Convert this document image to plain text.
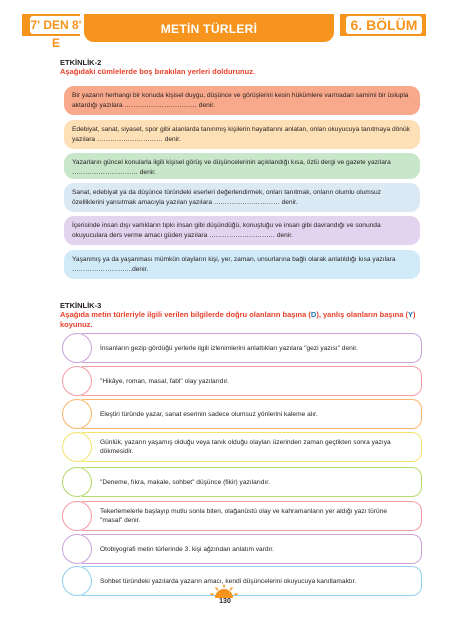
7' DEN 8' E
METİN TÜRLERİ	6. BÖLÜM
ETKİNLİK-2
Aşağıdaki cümlelerde boş bırakılan yerleri doldurunuz.
Bir yazarın herhangi bir konuda kişisel duygu, düşünce ve görüşlerini kesin hükümlere varmadan samimi bir üslupla aktardığı yazılara …………………………… denir.
Edebiyat, sanat, siyaset, spor gibi alanlarda tanınmış kişilerin hayatlarını anlatan, onlan okuyucuya tanıtmaya dönük yazılara ………………………… denir.
Yazarların güncel konularla ilgili kişisel görüş ve düşüncelerinin açıklandığı kısa, özlü dergi ve gazete yazılara ………………………… denir.
Sanat, edebiyat ya da düşünce türündeki eserleri değerlendirmek, onları tanıtmak, onların olumlu olumsuz özelliklerini yansıtmak amacıyla yazılan yazılara ………………………… denir.
İçerisinde insan dışı varlıkların tıpkı insan gibi düşündüğü, konuştuğu ve insan gibi davrandığı ve sonunda okuyuculara ders verme amacı güden yazılara ………………………… denir.
Yaşanmış ya da yaşanması mümkün olayların kişi, yer, zaman, unsurlarına bağlı olarak anlatıldığı kısa yazılara ……………………....denir.
ETKİNLİK-3
Aşağıda metin türleriyle ilgili verilen bilgilerde doğru olanların başına (D), yanlış olanların başına (Y) koyunuz.
İnsanların gezip gördüğü yerlerle ilgili izlenimlerini anlattıkları yazılara "gezi yazısı" denir.
"Hikâye, roman, masal, fabl" olay yazılarıdır.
Eleştiri türünde yazar, sanat eserinin sadece olumsuz yönlerini kaleme alır.
Günlük, yazarın yaşamış olduğu veya tanık olduğu olayları üzerinden zaman geçtikten sonra yazıya dökmesidir.
"Deneme, fıkra, makale, sohbet" düşünce (fikir) yazılarıdır.
Tekerlemelerle başlayıp mutlu sonla biten, olağanüstü olay ve kahramanların yer aldığı yazı türüne "masal" denir.
Otobiyografi metin türlerinde 3. kişi ağzından anlatım vardır.
Sohbet türündeki yazılarda yazarın amacı, kendi düşüncelerini okuyucuya kanıtlamaktır.
130
